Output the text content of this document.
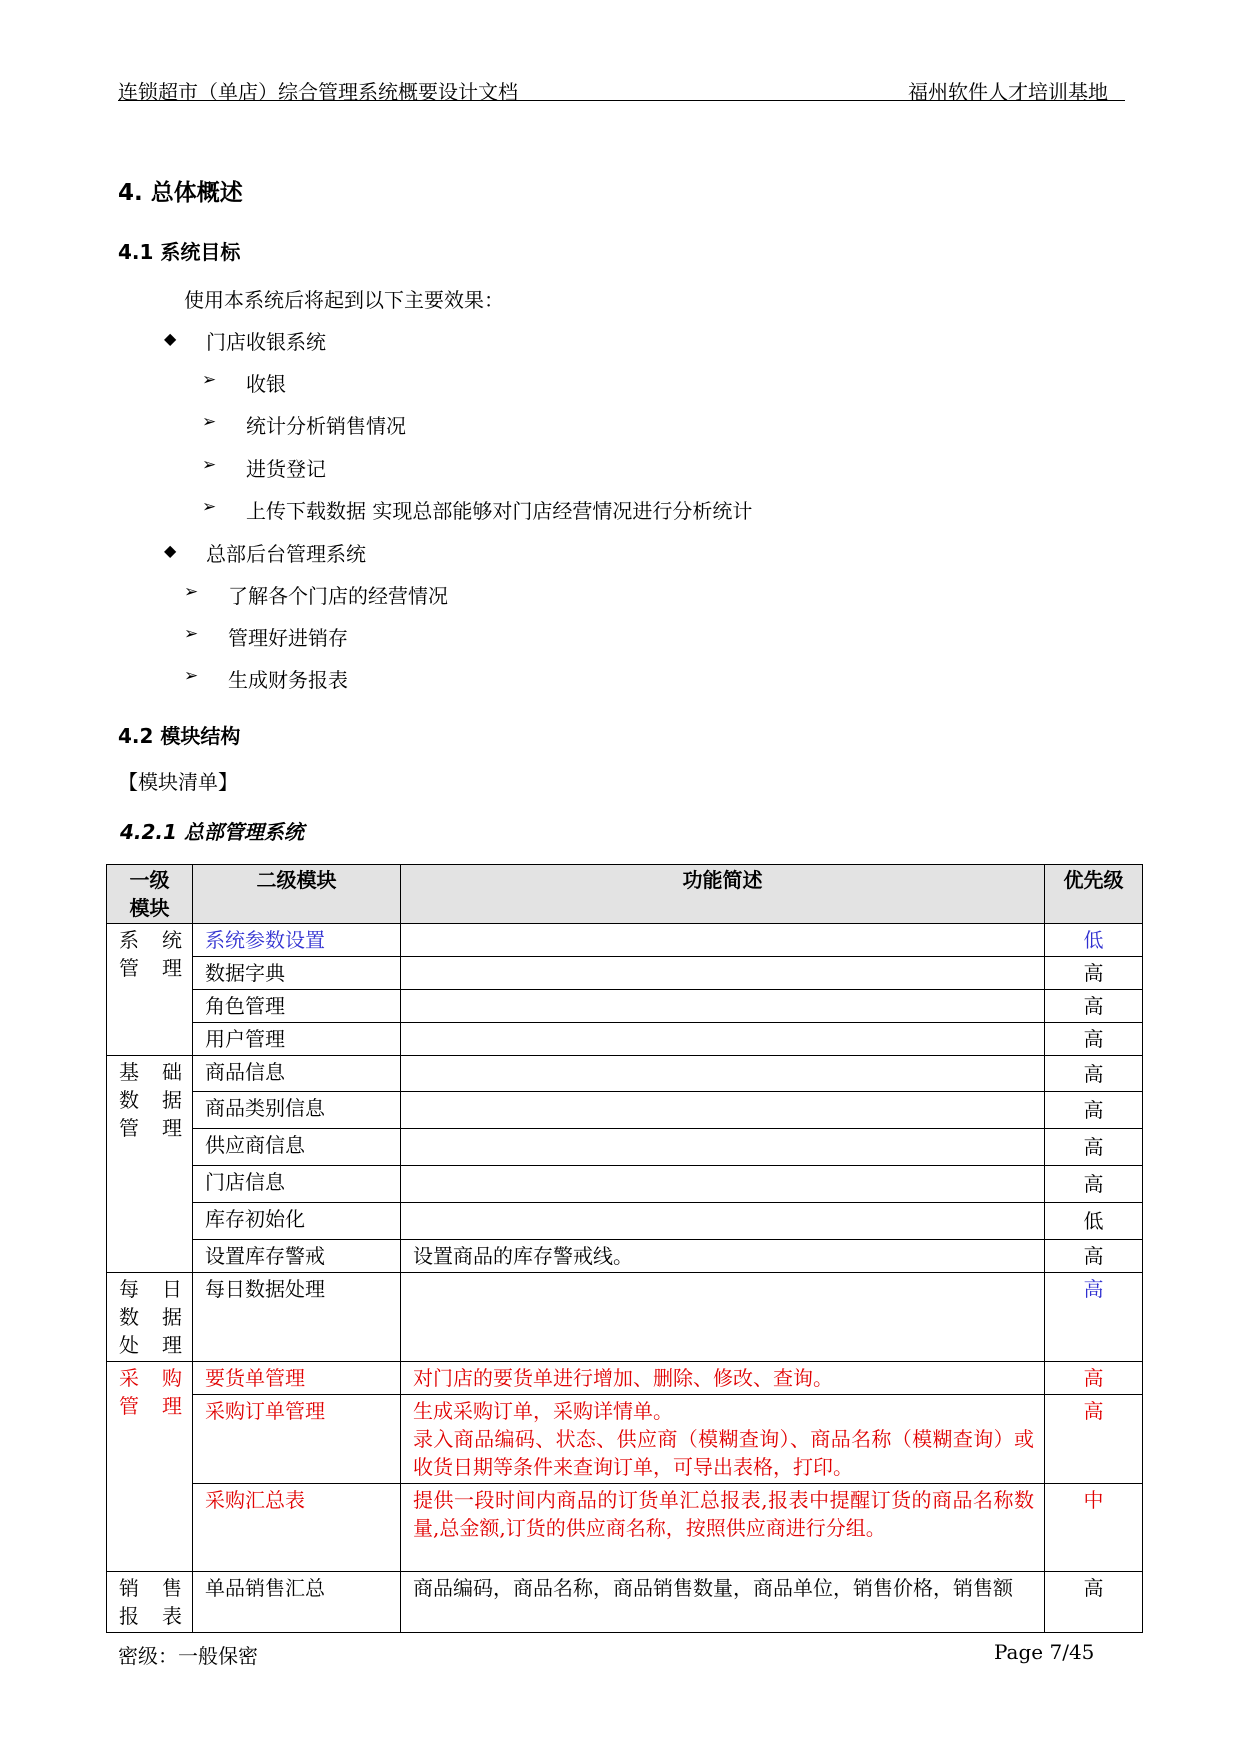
连锁超市（单店）综合管理系统概要设计文档	福州软件人才培训基地
4. 总体概述
4.1 系统目标
使用本系统后将起到以下主要效果：
◆ 门店收银系统
➢ 收银
➢ 统计分析销售情况
➢ 进货登记
➢ 上传下载数据 实现总部能够对门店经营情况进行分析统计
◆ 总部后台管理系统
➢ 了解各个门店的经营情况
➢ 管理好进销存
➢ 生成财务报表
4.2 模块结构
【模块清单】
4.2.1 总部管理系统
一级
模块	二级模块	功能简述	优先级
系 统 管理	系统参数设置		低
	数据字典		高
	角色管理		高
	用户管理		高
基 础 数 据 管理	商品信息		高
	商品类别信息		高
	供应商信息		高
	门店信息		高
	库存初始化		低
	设置库存警戒	设置商品的库存警戒线。	高
每 日 数 据 处理	每日数据处理		高
采 购 管 理	要货单管理	对门店的要货单进行增加、删除、修改、查询。	高
	采购订单管理	生成采购订单，采购详情单。
录入商品编码、状态、供应商（模糊查询）、商品名称（模糊查询）或收货日期等条件来查询订单，可导出表格，打印。	高
	采购汇总表	提供一段时间内商品的订货单汇总报表,报表中提醒订货的商品名称数量,总金额,订货的供应商名称，按照供应商进行分组。	中
销 售 报表	单品销售汇总	商品编码，商品名称，商品销售数量，商品单位，销售价格，销售额	高
密级：一般保密	Page 7/45
